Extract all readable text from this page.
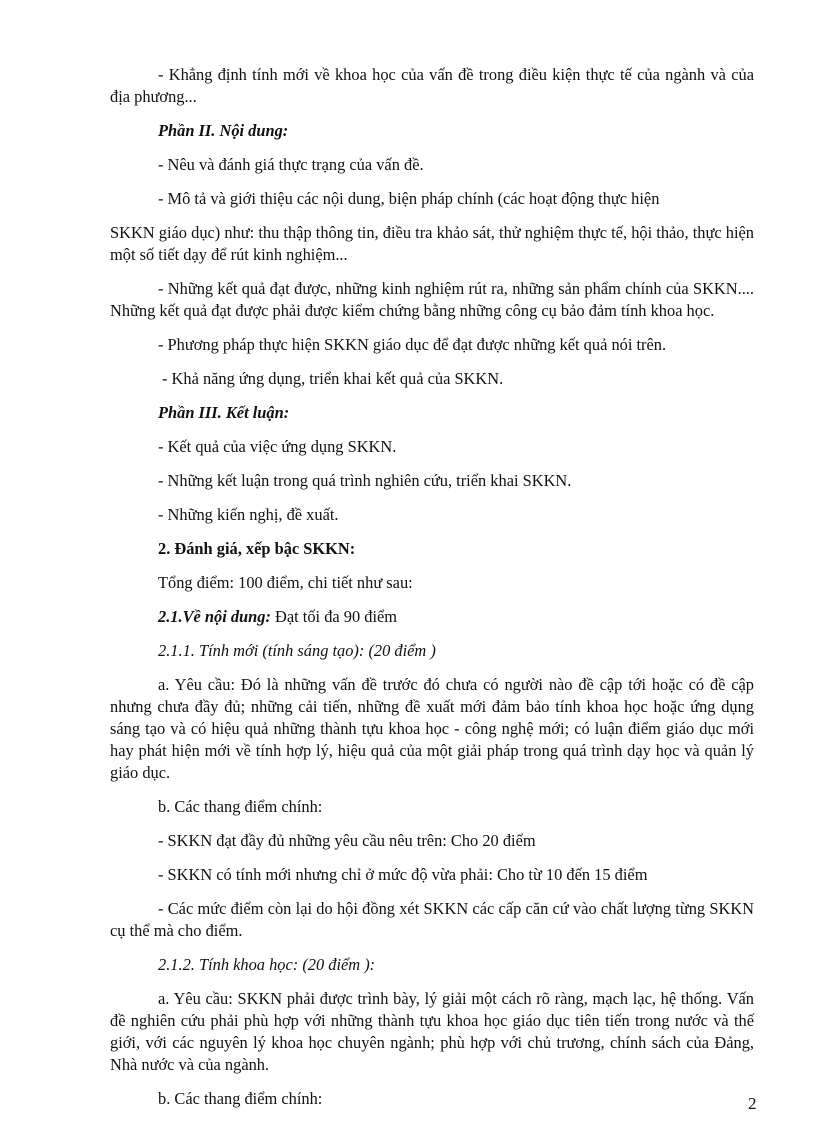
- Khẳng định tính mới về khoa học của vấn đề trong điều kiện thực tế của ngành và của địa phương...

Phần II. Nội dung:

- Nêu và đánh giá thực trạng của vấn đề.

- Mô tả và giới thiệu các nội dung, biện pháp chính (các hoạt động thực hiện

SKKN giáo dục) như: thu thập thông tin, điều tra khảo sát, thử nghiệm thực tế, hội thảo, thực hiện một số tiết dạy để rút kinh nghiệm...

- Những kết quả đạt được, những kinh nghiệm rút ra, những sản phẩm chính của SKKN.... Những kết quả đạt được phải được kiểm chứng bằng những công cụ bảo đảm tính khoa học.

- Phương pháp thực hiện SKKN giáo dục để đạt được những kết quả nói trên.

- Khả năng ứng dụng, triển khai kết quả của SKKN.

Phần III. Kết luận:

- Kết quả của việc ứng dụng SKKN.

- Những kết luận trong quá trình nghiên cứu, triển khai SKKN.

- Những kiến nghị, đề xuất.

2. Đánh giá, xếp bậc SKKN:

Tổng điểm: 100 điểm, chi tiết như sau:

2.1.Về nội dung: Đạt tối đa 90 điểm

2.1.1. Tính mới (tính sáng tạo): (20 điểm )

a. Yêu cầu: Đó là những vấn đề trước đó chưa có người nào đề cập tới hoặc có đề cập nhưng chưa đầy đủ; những cải tiến, những đề xuất mới đảm bảo tính khoa học hoặc ứng dụng sáng tạo và có hiệu quả những thành tựu khoa học - công nghệ mới; có luận điểm giáo dục mới hay phát hiện mới về tính hợp lý, hiệu quả của một giải pháp trong quá trình dạy học và quản lý giáo dục.

b. Các thang điểm chính:

- SKKN đạt đầy đủ những yêu cầu nêu trên: Cho 20 điểm

- SKKN có tính mới nhưng chỉ ở mức độ vừa phải: Cho từ 10 đến 15 điểm

- Các mức điểm còn lại do hội đồng xét SKKN các cấp căn cứ vào chất lượng từng SKKN cụ thể mà cho điểm.

2.1.2. Tính khoa học: (20 điểm ):

a. Yêu cầu: SKKN phải được trình bày, lý giải một cách rõ ràng, mạch lạc, hệ thống. Vấn đề nghiên cứu phải phù hợp với những thành tựu khoa học giáo dục tiên tiến trong nước và thế giới, với các nguyên lý khoa học chuyên ngành; phù hợp với chủ trương, chính sách của Đảng, Nhà nước và của ngành.

b. Các thang điểm chính:	2
